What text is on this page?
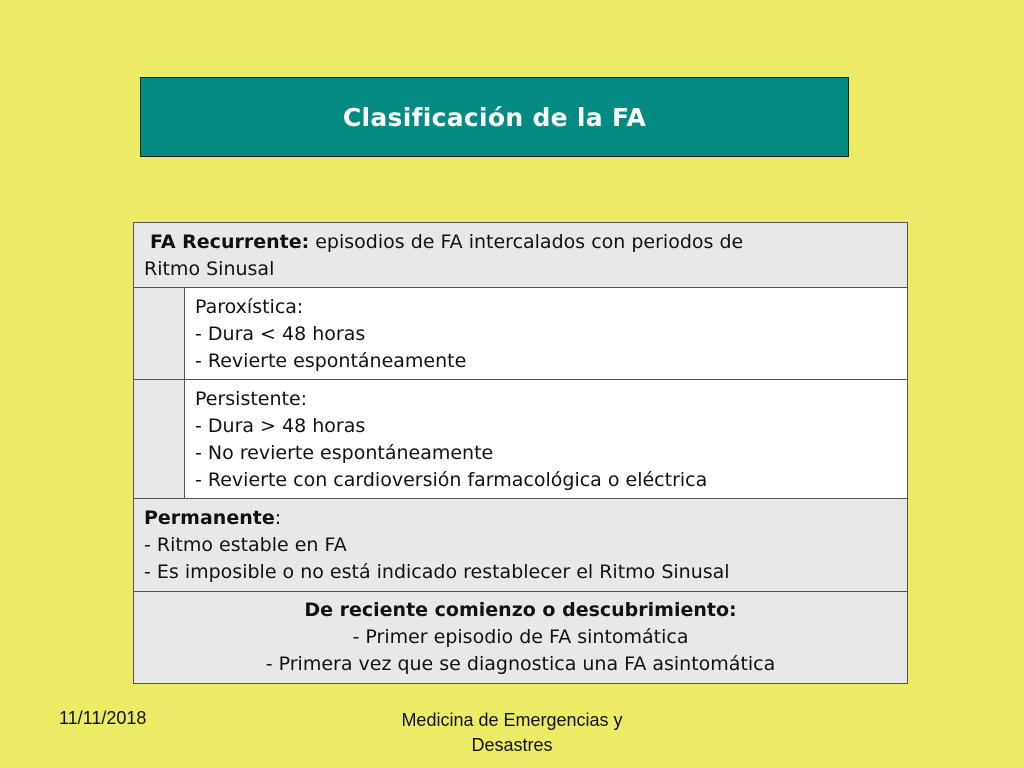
Clasificación de la FA
FA Recurrente: episodios de FA intercalados con periodos de
Ritmo Sinusal	

	Paroxística:
- Dura < 48 horas
- Revierte espontáneamente

	Persistente:
- Dura > 48 horas
- No revierte espontáneamente
- Revierte con cardioversión farmacológica o eléctrica

Permanente:
- Ritmo estable en FA
- Es imposible o no está indicado restablecer el Ritmo Sinusal	

De reciente comienzo o descubrimiento:
- Primer episodio de FA sintomática
- Primera vez que se diagnostica una FA asintomática	
11/11/2018	Medicina de Emergencias y
Desastres
